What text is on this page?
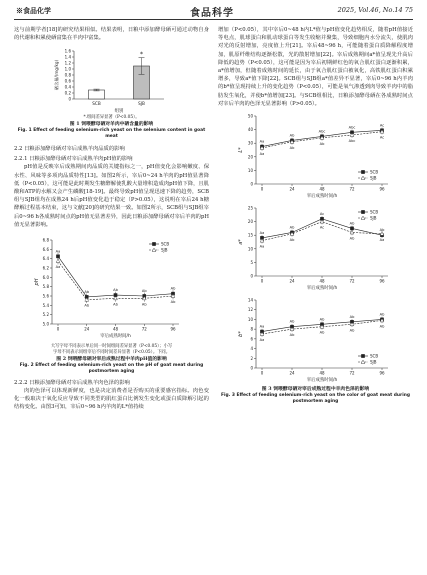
※食品化学	食品科学	2025, Vol.46, No.14 75

这与前期学者[18]的研究结果相似。结果表明，日粮中添加酵母硒可通过动物自身的代谢和积累使硒富集在羊肉中富集。

0
0.2
0.4
0.6
0.8
1.0
1.2
1.4
1.6
SCB
*
SJB
组别
硒含量/(mg/kg)
*.组间差异显著（P<0.05）。
图 1 饲喂酵母硒对羊肉中硒含量的影响
Fig. 1 Effect of feeding selenium-rich yeast on the selenium content in goat meat

2.2 日粮添加酵母硒对宰后成熟羊肉品质的影响

2.2.1 日粮添加酵母硒对宰后成熟羊肉pH值的影响

pH值是反映宰后成熟期间肉品质的关键指标之一，pH值变化会影响嫩度、保水性、风味等多项肉品质特性[13]。如图2所示，宰后0~24 h羊肉的pH值显著降低（P<0.05），这可能是此时期发生糖酵解使乳酸大量堆积造成肉pH值下降，且肌酸和ATP的水解又会产生磷酸[18-19]。最终导致pH值呈现迅速下降的趋势，SCB组与SJB组均在成熟24 h后pH值变化趋于稳定（P>0.05），这说明在宰后24 h糖酵解过程基本结束，这与文献[20]的研究结果一致。如图2所示，SCB组与SJB组宰后0~96 h各成熟时间点的pH值无显著差异，因此日粮添加酵母硒对宰后羊肉的pH值无显著影响。

5.0
5.2
5.4
5.6
5.8
6.0
6.2
6.4
6.6
6.8
0	24	48	72	96
宰后成熟时间/h
pH
Aa
Ab	Ab	Ab
Ab
Aa
Ab	Ab	Ab
Ab
SCB
SJB
大写字母不同表示单后同一时间组间差异显著（P<0.05）；小写
字母不同表示同组宰后不同时间差异显著（P<0.05）。下同。
图 2 饲喂酵母硒对宰后成熟过程中羊肉pH值的影响
Fig. 2 Effect of feeding selenium-rich yeast on the pH of goat meat during
postmortem aging

2.2.2 日粮添加酵母硒对宰后成熟羊肉色泽的影响

肉的色泽可以体现新鲜度，也是决定消费者是否购买的重要感官指标。肉色变化一般取决于氧化反应导致不同类型的肌红蛋白比例发生变化或蛋白质降解引起的结构变化。由图3可知，宰后0~96 h内羊肉的L*值持续

增加（P<0.05），其中宰后0~48 h内L*值与pH值变化趋势相反，随着pH值接近等电点，肌球蛋白和肌动球蛋白等发生收缩并聚集，导致细胞内水分流失，使肌肉对光的反射增加，亮度值上升[21]。宰后48~96 h，可能随着蛋白质降解程度增加，肌原纤维结构逐渐松散，光的散射增加[22]。宰后成熟期间a*值呈现先升高后降低的趋势（P<0.05），这可能是因为宰后初期鲜红色的氧合肌红蛋白逐渐积累，a*值增加，但随着成熟时间的延长，由于氧合肌红蛋白被氧化，高铁肌红蛋白积累增多，导致a*值下降[22]。SCB组与SJB组a*值差异不显著，宰后0~96 h内羊肉的b*值呈现持续上升的变化趋势（P<0.05），可能是氧气渗透到肉导致羊肉中的脂肪发生氧化，并使b*值增加[23]。与SCB组相比，日粮添加酵母硒在各成熟时间点对宰后羊肉的色泽无显著影响（P>0.05）。

0
10
20
30
40
50
0	24	48	72	96
宰后成熟时间/h
L*
Aa
Ab
Abc
Abc
Ac
Aa
Ab
Ab
Abc
Ac
SCB
SJB
0
5
10
15
20
25
0	24	48	72	96
宰后成熟时间/h
a*
Aa
Ab
Ac
Ab
Ab
Aa
Ab
Ac
Ab	Aa
SCB
SJB
0
2
4
6
8
10
12
14
0	24	48	72	96
宰后成熟时间/h
b*
Aa
Ab
Ab
Ab
Ab
Aa
Ab
Ab
Ab
Ab
SCB
SJB
图 3 饲喂酵母硒对宰后成熟过程中羊肉色泽的影响
Fig. 3 Effect of feeding selenium-rich yeast on the color of goat meat during
postmortem aging
